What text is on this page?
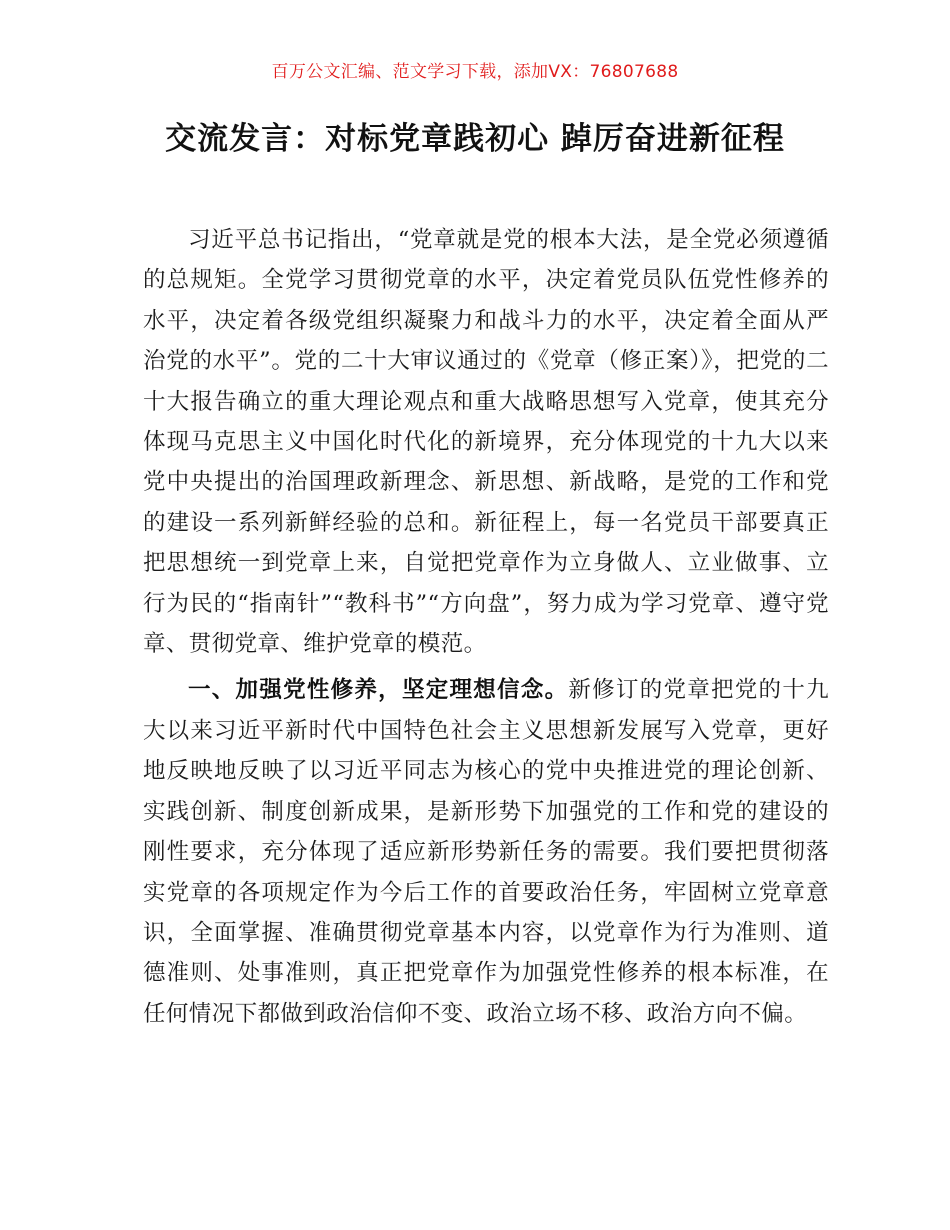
百万公文汇编、范文学习下载，添加VX：76807688
交流发言：对标党章践初心 踔厉奋进新征程

习近平总书记指出，“党章就是党的根本大法，是全党必须遵循的总规矩。全党学习贯彻党章的水平，决定着党员队伍党性修养的水平，决定着各级党组织凝聚力和战斗力的水平，决定着全面从严治党的水平”。党的二十大审议通过的《党章（修正案）》，把党的二十大报告确立的重大理论观点和重大战略思想写入党章，使其充分体现马克思主义中国化时代化的新境界，充分体现党的十九大以来党中央提出的治国理政新理念、新思想、新战略，是党的工作和党的建设一系列新鲜经验的总和。新征程上，每一名党员干部要真正把思想统一到党章上来，自觉把党章作为立身做人、立业做事、立行为民的“指南针”“教科书”“方向盘”，努力成为学习党章、遵守党章、贯彻党章、维护党章的模范。

一、加强党性修养，坚定理想信念。新修订的党章把党的十九大以来习近平新时代中国特色社会主义思想新发展写入党章，更好地反映地反映了以习近平同志为核心的党中央推进党的理论创新、实践创新、制度创新成果，是新形势下加强党的工作和党的建设的刚性要求，充分体现了适应新形势新任务的需要。我们要把贯彻落实党章的各项规定作为今后工作的首要政治任务，牢固树立党章意识，全面掌握、准确贯彻党章基本内容，以党章作为行为准则、道德准则、处事准则，真正把党章作为加强党性修养的根本标准，在任何情况下都做到政治信仰不变、政治立场不移、政治方向不偏。
